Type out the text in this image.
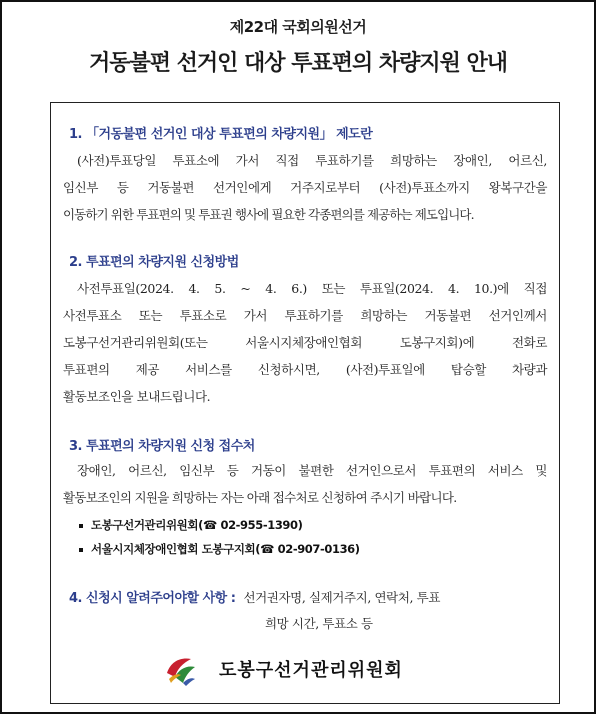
제22대 국회의원선거
거동불편 선거인 대상 투표편의 차량지원 안내
1. 「거동불편 선거인 대상 투표편의 차량지원」 제도란
(사전)투표당일 투표소에 가서 직접 투표하기를 희망하는 장애인, 어르신,
임신부 등 거동불편 선거인에게 거주지로부터 (사전)투표소까지 왕복구간을
이동하기 위한 투표편의 및 투표권 행사에 필요한 각종편의를 제공하는 제도입니다.
2. 투표편의 차량지원 신청방법
사전투표일(2024. 4. 5. ~ 4. 6.) 또는 투표일(2024. 4. 10.)에 직접
사전투표소 또는 투표소로 가서 투표하기를 희망하는 거동불편 선거인께서
도봉구선거관리위원회(또는 서울시지체장애인협회 도봉구지회)에 전화로
투표편의 제공 서비스를 신청하시면, (사전)투표일에 탑승할 차량과
활동보조인을 보내드립니다.
3. 투표편의 차량지원 신청 접수처
장애인, 어르신, 임신부 등 거동이 불편한 선거인으로서 투표편의 서비스 및
활동보조인의 지원을 희망하는 자는 아래 접수처로 신청하여 주시기 바랍니다.
도봉구선거관리위원회(☎ 02-955-1390)
서울시지체장애인협회 도봉구지회(☎ 02-907-0136)
4. 신청시 알려주어야할 사항 : 선거권자명, 실제거주지, 연락처, 투표
희망 시간, 투표소 등
도봉구선거관리위원회
